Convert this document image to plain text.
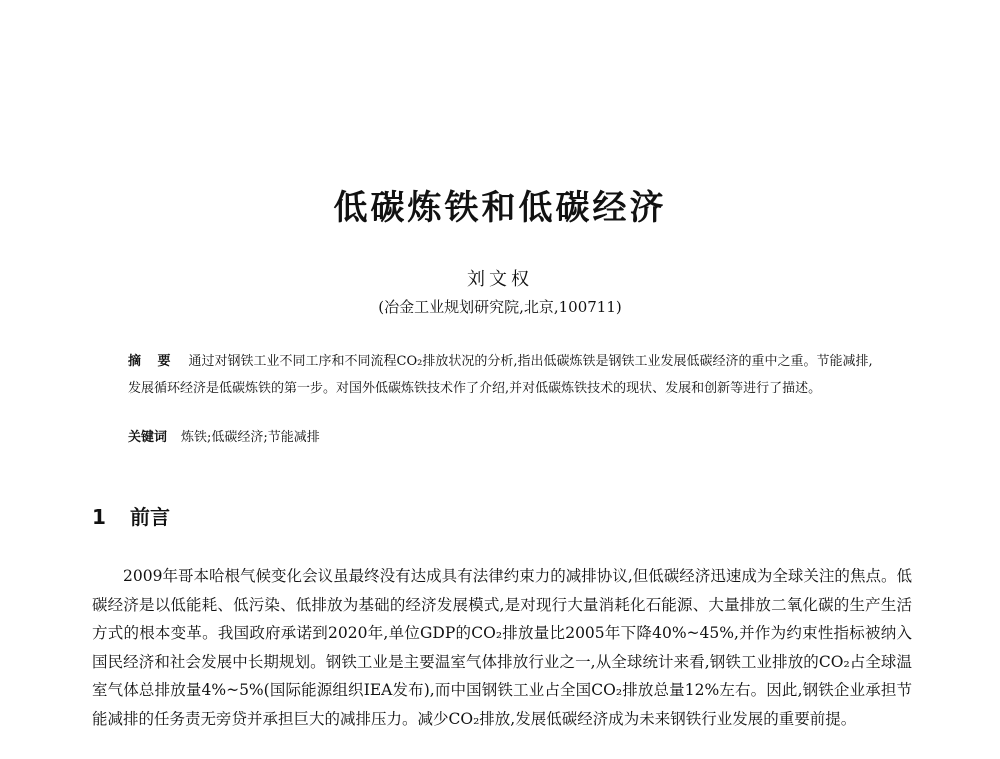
低碳炼铁和低碳经济
刘文权
(冶金工业规划研究院,北京,100711)
摘 要 通过对钢铁工业不同工序和不同流程CO₂排放状况的分析,指出低碳炼铁是钢铁工业发展低碳经济的重中之重。节能减排,发展循环经济是低碳炼铁的第一步。对国外低碳炼铁技术作了介绍,并对低碳炼铁技术的现状、发展和创新等进行了描述。
关键词 炼铁;低碳经济;节能减排
1 前言

2009年哥本哈根气候变化会议虽最终没有达成具有法律约束力的减排协议,但低碳经济迅速成为全球关注的焦点。低碳经济是以低能耗、低污染、低排放为基础的经济发展模式,是对现行大量消耗化石能源、大量排放二氧化碳的生产生活方式的根本变革。我国政府承诺到2020年,单位GDP的CO₂排放量比2005年下降40%~45%,并作为约束性指标被纳入国民经济和社会发展中长期规划。钢铁工业是主要温室气体排放行业之一,从全球统计来看,钢铁工业排放的CO₂占全球温室气体总排放量4%~5%(国际能源组织IEA发布),而中国钢铁工业占全国CO₂排放总量12%左右。因此,钢铁企业承担节能减排的任务责无旁贷并承担巨大的减排压力。减少CO₂排放,发展低碳经济成为未来钢铁行业发展的重要前提。
